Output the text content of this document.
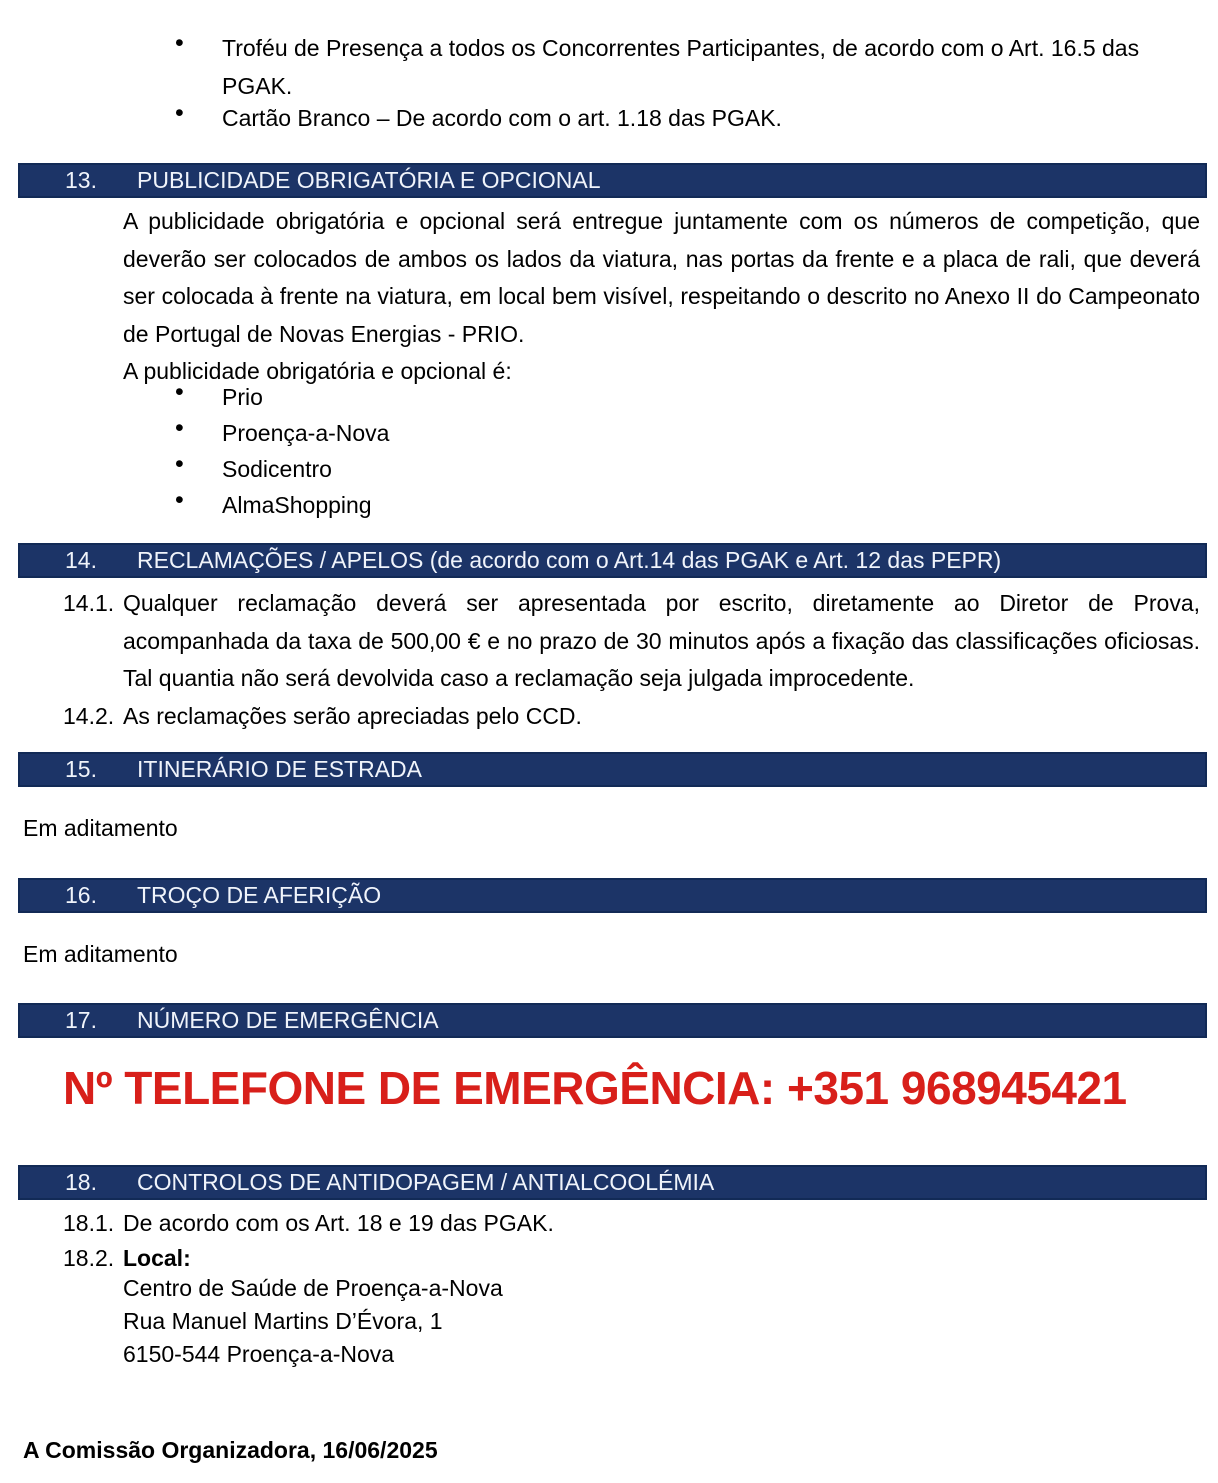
• Troféu de Presença a todos os Concorrentes Participantes, de acordo com o Art. 16.5 das PGAK.
• Cartão Branco – De acordo com o art. 1.18 das PGAK.
13.	PUBLICIDADE OBRIGATÓRIA E OPCIONAL
A publicidade obrigatória e opcional será entregue juntamente com os números de competição, que deverão ser colocados de ambos os lados da viatura, nas portas da frente e a placa de rali, que deverá ser colocada à frente na viatura, em local bem visível, respeitando o descrito no Anexo II do Campeonato de Portugal de Novas Energias - PRIO.
A publicidade obrigatória e opcional é:
• Prio
• Proença-a-Nova
• Sodicentro
• AlmaShopping
14.	RECLAMAÇÕES / APELOS (de acordo com o Art.14 das PGAK e Art. 12 das PEPR)
14.1. Qualquer reclamação deverá ser apresentada por escrito, diretamente ao Diretor de Prova, acompanhada da taxa de 500,00 € e no prazo de 30 minutos após a fixação das classificações oficiosas. Tal quantia não será devolvida caso a reclamação seja julgada improcedente.
14.2. As reclamações serão apreciadas pelo CCD.
15.	ITINERÁRIO DE ESTRADA
Em aditamento
16.	TROÇO DE AFERIÇÃO
Em aditamento
17.	NÚMERO DE EMERGÊNCIA
Nº TELEFONE DE EMERGÊNCIA: +351 968945421
18.	CONTROLOS DE ANTIDOPAGEM / ANTIALCOOLÉMIA
18.1. De acordo com os Art. 18 e 19 das PGAK.
18.2. Local:
Centro de Saúde de Proença-a-Nova
Rua Manuel Martins D’Évora, 1
6150-544 Proença-a-Nova
A Comissão Organizadora, 16/06/2025
